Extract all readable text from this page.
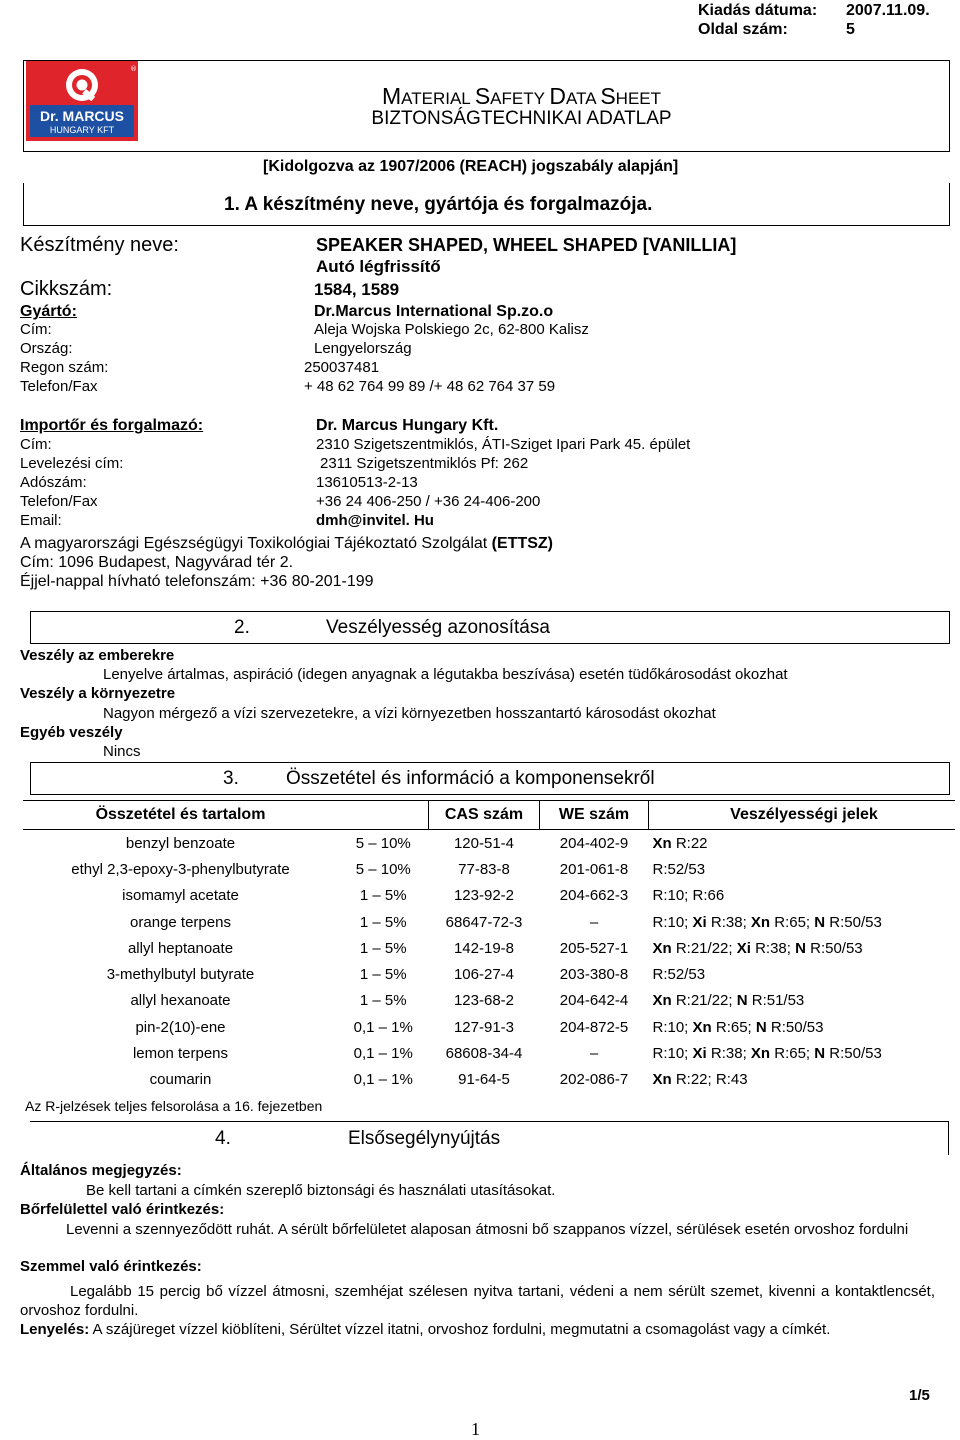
Kiadás dátuma: 2007.11.09.
Oldal szám:	5
®
Dr. MARCUS
HUNGARY KFT
MATERIAL SAFETY DATA SHEET
BIZTONSÁGTECHNIKAI ADATLAP
[Kidolgozva az 1907/2006 (REACH) jogszabály alapján]
1. A készítmény neve, gyártója és forgalmazója.
Készítmény neve:	SPEAKER SHAPED, WHEEL SHAPED [VANILLIA]
Autó légfrissítő
Cikkszám:	1584, 1589
Gyártó:	Dr.Marcus International Sp.zo.o
Cím:	Aleja Wojska Polskiego 2c, 62-800 Kalisz
Ország:	Lengyelország
Regon szám:	250037481
Telefon/Fax	+ 48 62 764 99 89 /+ 48 62 764 37 59
Importőr és forgalmazó:	Dr. Marcus Hungary Kft.
Cím:	2310 Szigetszentmiklós, ÁTI-Sziget Ipari Park 45. épület
Levelezési cím:	2311 Szigetszentmiklós Pf: 262
Adószám:	13610513-2-13
Telefon/Fax	+36 24 406-250 / +36 24-406-200
Email:	dmh@invitel. Hu
A magyarországi Egészségügyi Toxikológiai Tájékoztató Szolgálat (ETTSZ)
Cím: 1096 Budapest, Nagyvárad tér 2.
Éjjel-nappal hívható telefonszám: +36 80-201-199
2.	Veszélyesség azonosítása
Veszély az emberekre
Lenyelve ártalmas, aspiráció (idegen anyagnak a légutakba beszívása) esetén tüdőkárosodást okozhat
Veszély a környezetre
Nagyon mérgező a vízi szervezetekre, a vízi környezetben hosszantartó károsodást okozhat
Egyéb veszély
Nincs
3. Összetétel és információ a komponensekről
Összetétel és tartalom		CAS szám	WE szám	Veszélyességi jelek
benzyl benzoate	5 – 10%	120-51-4	204-402-9	Xn R:22
ethyl 2,3-epoxy-3-phenylbutyrate	5 – 10%	77-83-8	201-061-8	R:52/53
isomamyl acetate	1 – 5%	123-92-2	204-662-3	R:10; R:66
orange terpens	1 – 5%	68647-72-3	–	R:10; Xi R:38; Xn R:65; N R:50/53
allyl heptanoate	1 – 5%	142-19-8	205-527-1	Xn R:21/22; Xi R:38; N R:50/53
3-methylbutyl butyrate	1 – 5%	106-27-4	203-380-8	R:52/53
allyl hexanoate	1 – 5%	123-68-2	204-642-4	Xn R:21/22; N R:51/53
pin-2(10)-ene	0,1 – 1%	127-91-3	204-872-5	R:10; Xn R:65; N R:50/53
lemon terpens	0,1 – 1%	68608-34-4	–	R:10; Xi R:38; Xn R:65; N R:50/53
coumarin	0,1 – 1%	91-64-5	202-086-7	Xn R:22; R:43
Az R-jelzések teljes felsorolása a 16. fejezetben
4.	Elsősegélynyújtás
Általános megjegyzés:
Be kell tartani a címkén szereplő biztonsági és használati utasításokat.
Bőrfelülettel való érintkezés:
Levenni a szennyeződött ruhát. A sérült bőrfelületet alaposan átmosni bő szappanos vízzel, sérülések esetén orvoshoz fordulni
Szemmel való érintkezés:
Legalább 15 percig bő vízzel átmosni, szemhéjat szélesen nyitva tartani, védeni a nem sérült szemet, kivenni a kontaktlencsét, orvoshoz fordulni.
Lenyelés: A szájüreget vízzel kiöblíteni, Sérültet vízzel itatni, orvoshoz fordulni, megmutatni a csomagolást vagy a címkét.
1/5
1
